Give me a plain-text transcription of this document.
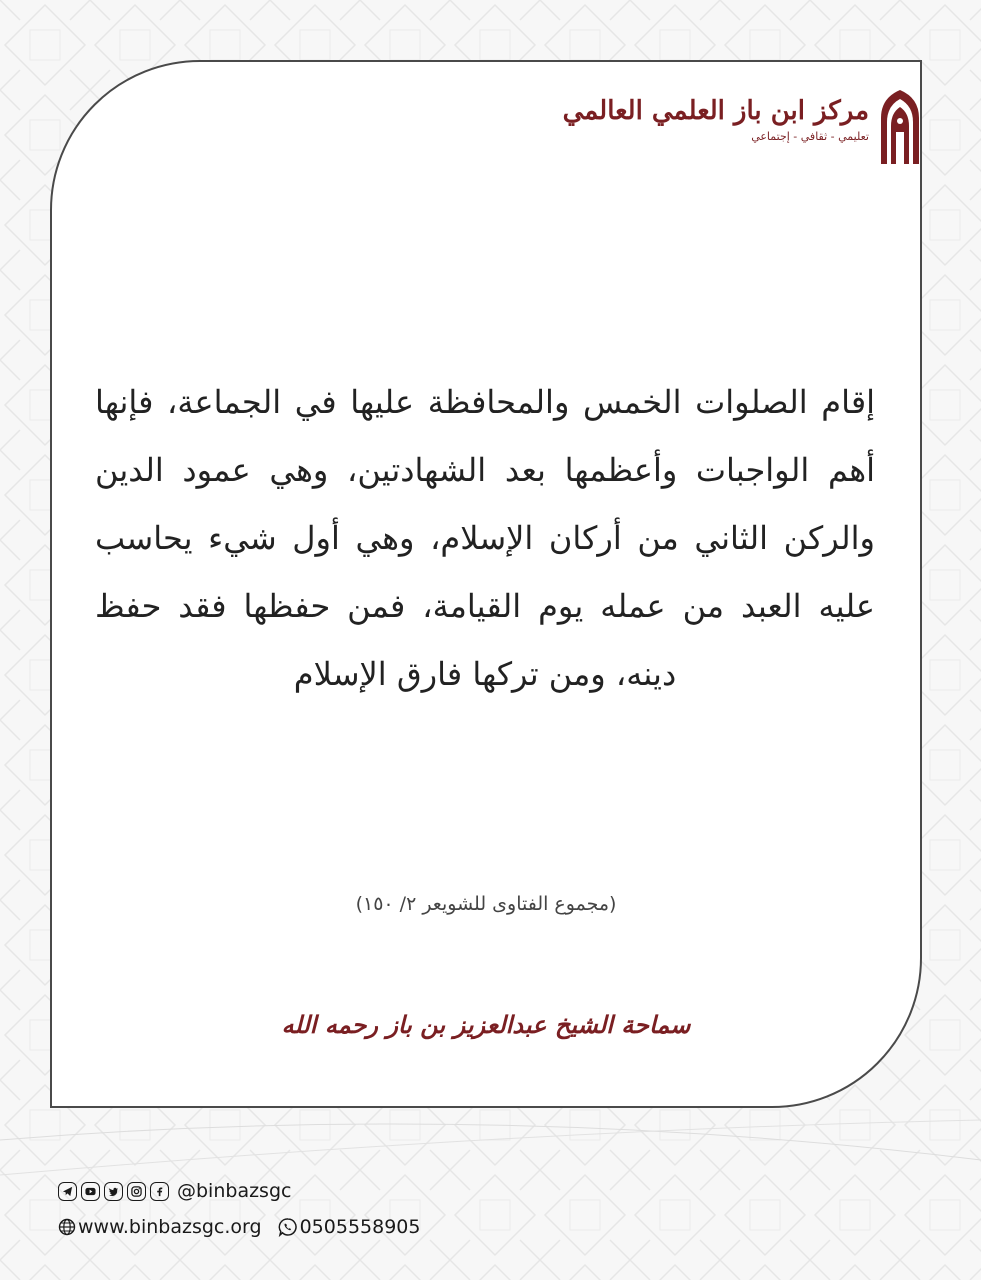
مركز ابن باز العلمي العالمي
تعليمي - ثقافي - إجتماعي
إقام الصلوات الخمس والمحافظة عليها في الجماعة، فإنها أهم الواجبات وأعظمها بعد الشهادتين، وهي عمود الدين والركن الثاني من أركان الإسلام، وهي أول شيء يحاسب عليه العبد من عمله يوم القيامة، فمن حفظها فقد حفظ دينه، ومن تركها فارق الإسلام
(مجموع الفتاوى للشويعر ٢/ ١٥٠)
سماحة الشيخ عبدالعزيز بن باز رحمه الله
@binbazsgc
www.binbazsgc.org 0505558905
